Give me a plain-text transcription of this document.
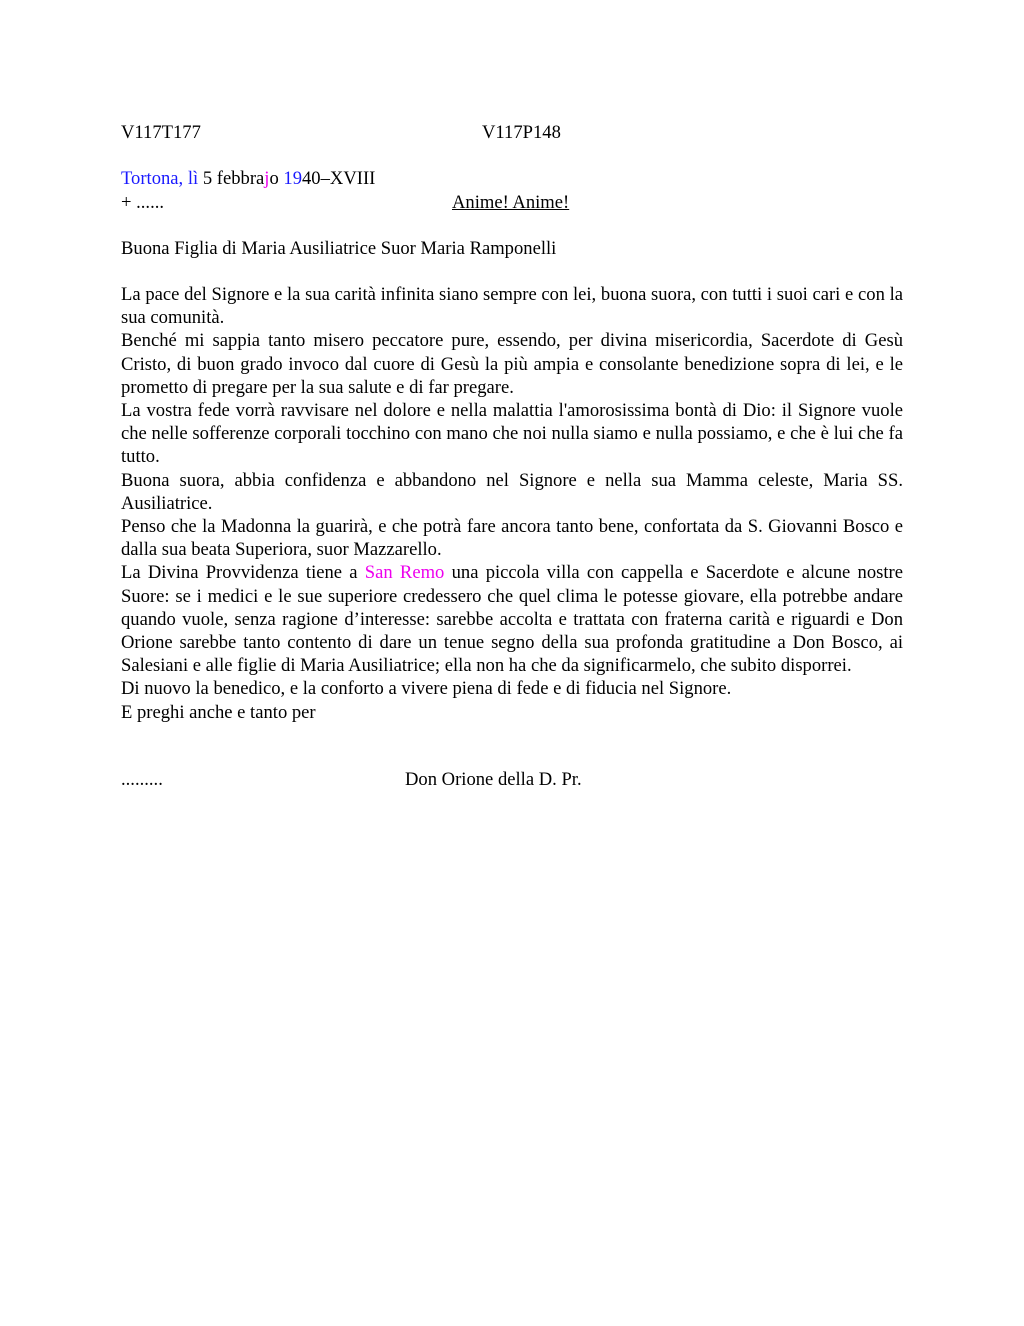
V117T177	V117P148
Tortona, lì 5 febbrajo 1940–XVIII
+ ......	Anime! Anime!
Buona Figlia di Maria Ausiliatrice Suor Maria Ramponelli

La pace del Signore e la sua carità infinita siano sempre con lei, buona suora, con tutti i suoi cari e con la sua comunità.

Benché mi sappia tanto misero peccatore pure, essendo, per divina misericordia, Sacerdote di Gesù Cristo, di buon grado invoco dal cuore di Gesù la più ampia e consolante benedizione sopra di lei, e le prometto di pregare per la sua salute e di far pregare.

La vostra fede vorrà ravvisare nel dolore e nella malattia l'amorosissima bontà di Dio: il Signore vuole che nelle sofferenze corporali tocchino con mano che noi nulla siamo e nulla possiamo, e che è lui che fa tutto.

Buona suora, abbia confidenza e abbandono nel Signore e nella sua Mamma celeste, Maria SS. Ausiliatrice.

Penso che la Madonna la guarirà, e che potrà fare ancora tanto bene, confortata da S. Giovanni Bosco e dalla sua beata Superiora, suor Mazzarello.

La Divina Provvidenza tiene a San Remo una piccola villa con cappella e Sacerdote e alcune nostre Suore: se i medici e le sue superiore credessero che quel clima le potesse giovare, ella potrebbe andare quando vuole, senza ragione d’interesse: sarebbe accolta e trattata con fraterna carità e riguardi e Don Orione sarebbe tanto contento di dare un tenue segno della sua profonda gratitudine a Don Bosco, ai Salesiani e alle figlie di Maria Ausiliatrice; ella non ha che da significarmelo, che subito disporrei.

Di nuovo la benedico, e la conforto a vivere piena di fede e di fiducia nel Signore.

E preghi anche e tanto per

.........	Don Orione della D. Pr.
